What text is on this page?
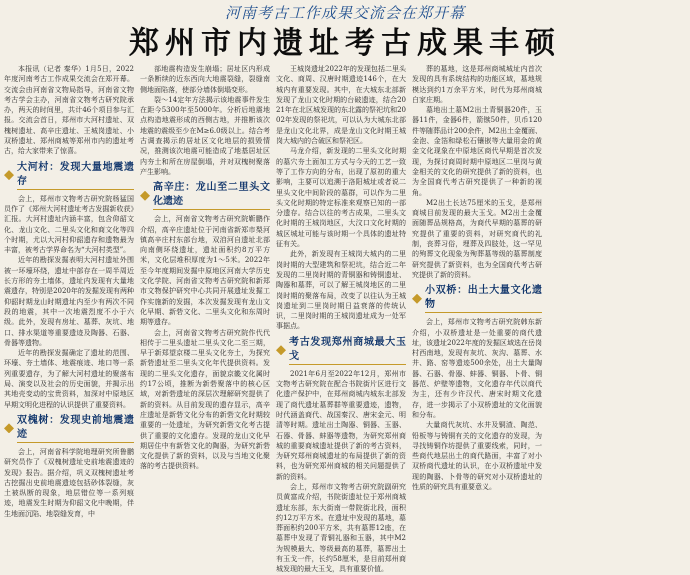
河南考古工作成果交流会在郑开幕
郑州市内遗址考古成果丰硕

本报讯（记者 秦华）1月5日，2022年度河南考古工作成果交流会在郑开幕。交流会由河南省文物局指导，河南省文物考古学会主办，河南省文物考古研究院承办，两天的时间里，共计46个项目参与汇报。交流会首日，郑州市大河村遗址、双槐树遗址、高辛庄遗址、王城岗遗址、小双桥遗址、郑州商城等郑州市内的遗址考古，给大家带来了惊喜。

大河村：发现大量地震遗存

会上，郑州市文物考古研究院杨猛国员作了《郑州大河村遗址考古发掘新收获》汇报。大河村遗址内涵丰富，包含仰韶文化、龙山文化、二里头文化和商文化等四个时期，尤以大河村仰韶遗存和遗物最为丰富，被考古学界命名为“大河村类型”。

近年的勘探发掘表明大河村遗址外围被一环壕环绕，遗址中部存在一周半周近长方形的夯土墙体，遗址内发现有大量地震遗存，特别是2020年的发掘发现有两种仰韶时期龙山时期遗址内至少有两次不同段的地震，其中一次地震烈度不小于六级。此外，发现有房址、墓葬、灰坑、地口、排水渠道等重要遗迹及陶器、石器、骨器等遗物。

近年的勘探发掘确定了遗址的范围、环壕、夯土墙体、地震痕迹、地口等一系列重要遗存，为了解大河村遗址的聚落布局、演变以及社会的历史面貌，并揭示出其地壳变动的宝贵资料，加深对中原地区早期文明化进程的认识提供了重要资料。

双槐树：发现史前地震遗迹

会上，河南省科学院地理研究所鲁鹏研究员作了《双槐树遗址史前地震遗迹的发现》报告。据介绍，巩义双槐树遗址考古挖掘出史前地震遗迹包括砂体裂缝，灰土被纵断的现象，地层错位等一系列痕迹，地震发生时期为仰韶文化中晚期，伴生地面沉陷、地裂缝发育，中

部地震构造发生崩塌；居址区内形成一条断续的近东西向大地震裂缝，裂缝南侧地面陷落，使部分墙体倒塌变形。

裂～14定年方法揭示该地震事件发生在距今5300年至5000年。分析后地震地点构造地震形成的西侧古地，并推断该次地震的震级至少在M≥6.0级以上。结合考古调查揭示的居址区文化地层的损毁情况，推测该次地震可能造成了地基居址区内夯土和所在房屋倒塌，并对双槐树聚落产生影响。

高辛庄：龙山至二里头文化遗迹

会上，河南省文物考古研究院靳鹏作介绍，高辛庄遗址位于河南省新郑市梨河镇高辛庄村东部台地，双洎河自遗址北部向南侧环绕遗址，遗址面积约8万平方米，文化层堆积厚度为1～5米。2022年至今年度期间发掘中原地区河南大学历史文化学院、河南省文物考古研究院和新郑市文物保护研究中心共同开展遗址发掘工作实施新的发掘，本次发掘发现有龙山文化早期、新砦文化、二里头文化和东周时期等遗存。

会上，河南省文物考古研究院作代代相传于二里头遗址二里头文化二至三期，早于新郑望京楼二里头文化夯土，为探究新砦遗址至二里头文化年代提供资料。发现的二里头文化遗存，面貌京畿文化属时约17公顷，推断为新砦聚落中的核心区域，对新砦遗址的深层次理解研究提供了新的资料。从目前发现的遗存显示，高辛庄遗址是新砦文化分布的新砦文化时期较重要的一处遗址，为研究新砦文化考古提供了重要的文化遗存。发现的龙山文化早期居住中有新砦文化的陶器，为研究新砦文化提供了新的资料，以及与当地文化聚落的考古提供资料。

王城岗遗址2022年的发现包括二里头文化、商周、汉唐时期遗迹146个，在大城内有重要发现。其中，在大城东北部新发现了龙山文化时期的台破遗迹，结合2021年在北区城发现的东北露的祭祀坑和2002年发现的祭祀坑，可以认为大城东北部是龙山文化北界，成是龙山文化时期王城岗大城内的合破区和祭祀区。

马龙介绍，新发现的二里头文化时期的墓穴夯土面加工方式与今天的工艺一致等了工作方向的分布，出现了原初的重大影响，主要可以追溯于洛阳城址或者说二里头文化中间阶段的墓群，可以作为二里头文化时期的特定标准来观察已知的一部分遗存。结合以往的考古成果，二里头文化时期的王城岗地区，大汶口文化时期的城区城址可能与该时期一个具体的遗址特征有关。

此外，新发现有王城岗大城内的二里岗时期的大型建筑和祭祀坑，结合近二年发现的二里岗时期的青铜器和铸铜遗址、陶器和墓葬，可以了解王城岗地区的二里岗时期的聚落布局，改变了以往认为王城岗遗址到二里岗时期日益衰落的传统认识，二里岗时期的王城岗遗址成为一处军事据点。

考古发现郑州商城最大玉戈

2021年6月至2022年12月，郑州市文物考古研究院在配合书院街片区进行文化遗产保护中，在郑州商城内城东北部发现了商代遗址墓葬群等重要遗迹，遗物，时代涵盖商代、战国秦汉、唐宋金元、明清等时期。遗址出土陶器、铜器、玉器、石器、骨器、蚌器等遗物，为研究郑州商城的重要商城遗址提供了新的考古资料，为研究郑州商城遗址的布局提供了新的资料，也为研究郑州商城的相关问题提供了新的资料。

会上，郑州市文物考古研究院副研究员黄富成介绍，书院街遗址位于郑州商城遗址东部，东大街南一带院街北段，面积约12万平方米。在遗址中发现的墓地，墓葬面积约200平方米，共有墓葬12座，在墓葬中发现了青铜礼器和玉器，其中M2为规模最大、等级最高的墓葬，墓葬出土有玉戈一件，长约58厘米，是目前郑州商城发现的最大玉戈，具有重要价值。

葬的墓地，这是郑州商城城址内首次发现的具有系统结构的功能区域，墓地规模达到约1万余平方米，时代为郑州商城白家庄期。

墓地出土墓M2出土青铜器20件，玉器11件，金器6件，箭镞50件，贝币120件等随葬品计200余件，M2出土金覆面、金泡、金箔和绿松石镶嵌等大量用金的黄金文化现象在中原地区商代早期是首次发现，为探讨商周时期中原地区二里岗与黄金相关的文化的研究提供了新的资料，也为全国商代考古研究提供了一种新的视角。

M2出土长达75厘米的玉戈，是郑州商城目前发现的最大玉戈。M2出土金覆面随葬品规格高，为商代早期的墓葬的研究提供了重要的资料，对研究商代的礼制，丧葬习俗，埋葬及四肢处，这一罕见的殉葬文化现象为殉葬墓等级的墓葬制度研究提供了新资料，也为全国商代考古研究提供了新的资料。

小双桥：出土大量文化遗物

会上，郑州市文物考古研究院韩东新介绍，小双桥遗址是一处重要的商代遗址，该遗址2022年度的发掘区域选在岳岗村西南地，发现有灰坑、灰沟、墓葬、水井、路、窑等遗迹500余处，出土大量陶器、石器、骨器、蚌器、铜器、卜骨、铜器范、炉壁等遗物，文化遗存年代以商代为主，还有少许汉代、唐宋时期文化遗存，进一步揭示了小双桥遗址的文化面貌和分布。

大量商代灰坑、水井及铜渣、陶范、铅板等与铸铜有关的文化遗存的发现，为寻找铸铜作坊提供了重要线索，同时，一些商代地层出土的商代路面，丰富了对小双桥商代遗址的认识，在小双桥遗址中发现的陶器、卜骨等的研究对小双桥遗址的性质的研究具有重要意义。
